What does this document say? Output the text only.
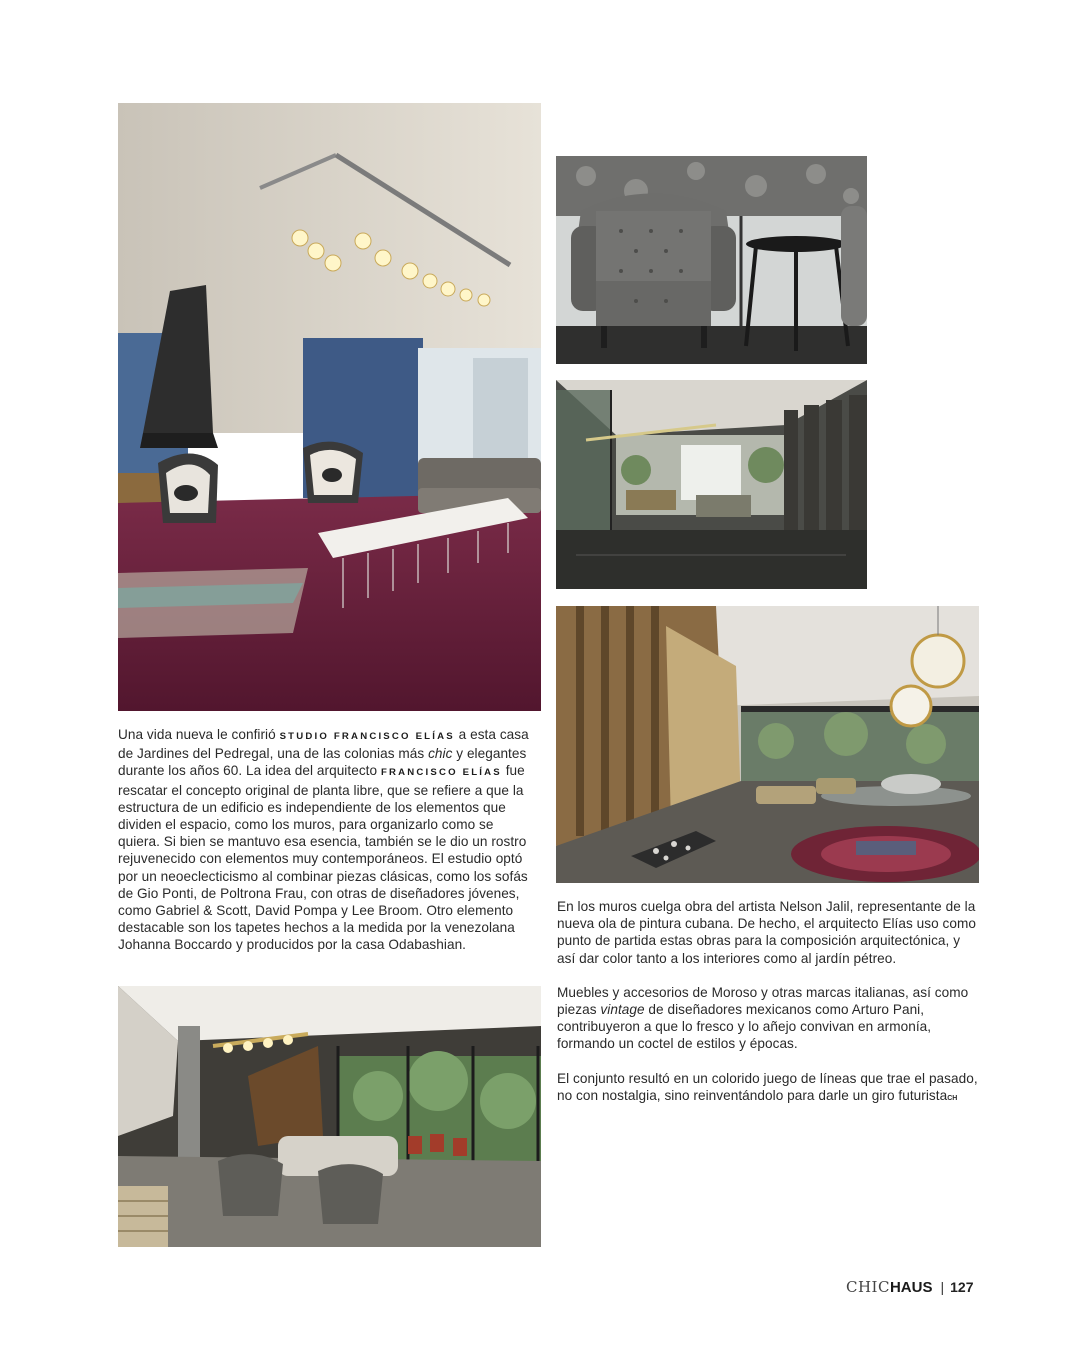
Una vida nueva le confirió STUDIO FRANCISCO ELÍAS a esta casa de Jardines del Pedregal, una de las colonias más chic y elegantes durante los años 60. La idea del arquitecto FRANCISCO ELÍAS fue rescatar el concepto original de planta libre, que se refiere a que la estructura de un edificio es independiente de los elementos que dividen el espacio, como los muros, para organizarlo como se quiera. Si bien se mantuvo esa esencia, también se le dio un rostro rejuvenecido con elementos muy contemporáneos. El estudio optó por un neoeclecticismo al combinar piezas clásicas, como los sofás de Gio Ponti, de Poltrona Frau, con otras de diseñadores jóvenes, como Gabriel & Scott, David Pompa y Lee Broom. Otro elemento destacable son los tapetes hechos a la medida por la venezolana Johanna Boccardo y producidos por la casa Odabashian.

En los muros cuelga obra del artista Nelson Jalil, representante de la nueva ola de pintura cubana. De hecho, el arquitecto Elías uso como punto de partida estas obras para la composición arquitectónica, y así dar color tanto a los interiores como al jardín pétreo.

Muebles y accesorios de Moroso y otras marcas italianas, así como piezas vintage de diseñadores mexicanos como Arturo Pani, contribuyeron a que lo fresco y lo añejo convivan en armonía, formando un coctel de estilos y épocas.

El conjunto resultó en un colorido juego de líneas que trae el pasado, no con nostalgia, sino reinventándolo para darle un giro futuristaCH

CHIC HAUS | 127
